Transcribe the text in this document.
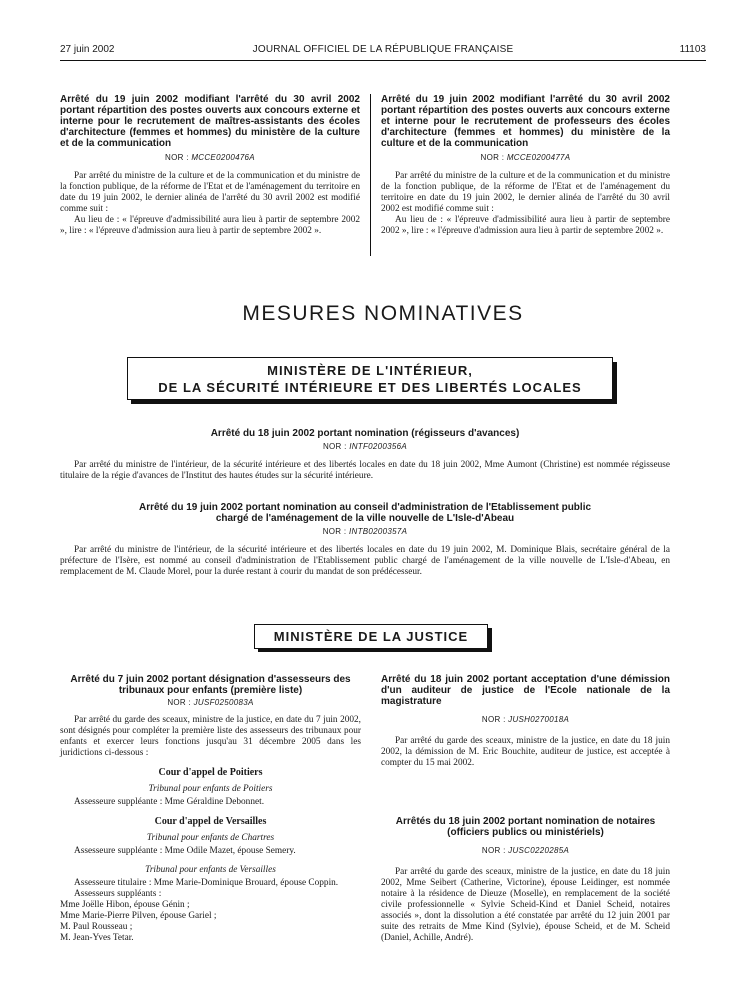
27 juin 2002	JOURNAL OFFICIEL DE LA RÉPUBLIQUE FRANÇAISE	11103

Arrêté du 19 juin 2002 modifiant l'arrêté du 30 avril 2002 portant répartition des postes ouverts aux concours externe et interne pour le recrutement de maîtres-assistants des écoles d'architecture (femmes et hommes) du ministère de la culture et de la communication

NOR : MCCE0200476A

Par arrêté du ministre de la culture et de la communication et du ministre de la fonction publique, de la réforme de l'Etat et de l'aménagement du territoire en date du 19 juin 2002, le dernier alinéa de l'arrêté du 30 avril 2002 est modifié comme suit :

Au lieu de : « l'épreuve d'admissibilité aura lieu à partir de septembre 2002 », lire : « l'épreuve d'admission aura lieu à partir de septembre 2002 ».

Arrêté du 19 juin 2002 modifiant l'arrêté du 30 avril 2002 portant répartition des postes ouverts aux concours externe et interne pour le recrutement de professeurs des écoles d'architecture (femmes et hommes) du ministère de la culture et de la communication

NOR : MCCE0200477A

Par arrêté du ministre de la culture et de la communication et du ministre de la fonction publique, de la réforme de l'Etat et de l'aménagement du territoire en date du 19 juin 2002, le dernier alinéa de l'arrêté du 30 avril 2002 est modifié comme suit :

Au lieu de : « l'épreuve d'admissibilité aura lieu à partir de septembre 2002 », lire : « l'épreuve d'admission aura lieu à partir de septembre 2002 ».

MESURES NOMINATIVES
MINISTÈRE DE L'INTÉRIEUR,
DE LA SÉCURITÉ INTÉRIEURE ET DES LIBERTÉS LOCALES

Arrêté du 18 juin 2002 portant nomination (régisseurs d'avances)

NOR : INTF0200356A

Par arrêté du ministre de l'intérieur, de la sécurité intérieure et des libertés locales en date du 18 juin 2002, Mme Aumont (Christine) est nommée régisseuse titulaire de la régie d'avances de l'Institut des hautes études sur la sécurité intérieure.

Arrêté du 19 juin 2002 portant nomination au conseil d'administration de l'Etablissement public

chargé de l'aménagement de la ville nouvelle de L'Isle-d'Abeau

NOR : INTB0200357A

Par arrêté du ministre de l'intérieur, de la sécurité intérieure et des libertés locales en date du 19 juin 2002, M. Dominique Blais, secrétaire général de la préfecture de l'Isère, est nommé au conseil d'administration de l'Etablissement public chargé de l'aménagement de la ville nouvelle de L'Isle-d'Abeau, en remplacement de M. Claude Morel, pour la durée restant à courir du mandat de son prédécesseur.

MINISTÈRE DE LA JUSTICE

Arrêté du 7 juin 2002 portant désignation d'assesseurs des tribunaux pour enfants (première liste)

NOR : JUSF0250083A

Par arrêté du garde des sceaux, ministre de la justice, en date du 7 juin 2002, sont désignés pour compléter la première liste des assesseurs des tribunaux pour enfants et exercer leurs fonctions jusqu'au 31 décembre 2005 dans les juridictions ci-dessous :

Cour d'appel de Poitiers
Tribunal pour enfants de Poitiers

Assesseure suppléante : Mme Géraldine Debonnet.

Cour d'appel de Versailles
Tribunal pour enfants de Chartres

Assesseure suppléante : Mme Odile Mazet, épouse Semery.

Tribunal pour enfants de Versailles

Assesseure titulaire : Mme Marie-Dominique Brouard, épouse Coppin.

Assesseurs suppléants :

Mme Joëlle Hibon, épouse Génin ;

Mme Marie-Pierre Pilven, épouse Gariel ;

M. Paul Rousseau ;

M. Jean-Yves Tetar.

Arrêté du 18 juin 2002 portant acceptation d'une démission d'un auditeur de justice de l'Ecole nationale de la magistrature

NOR : JUSH0270018A

Par arrêté du garde des sceaux, ministre de la justice, en date du 18 juin 2002, la démission de M. Eric Bouchite, auditeur de justice, est acceptée à compter du 15 mai 2002.

Arrêtés du 18 juin 2002 portant nomination de notaires (officiers publics ou ministériels)

NOR : JUSC0220285A

Par arrêté du garde des sceaux, ministre de la justice, en date du 18 juin 2002, Mme Seibert (Catherine, Victorine), épouse Leidinger, est nommée notaire à la résidence de Dieuze (Moselle), en remplacement de la société civile professionnelle « Sylvie Scheid-Kind et Daniel Scheid, notaires associés », dont la dissolution a été constatée par arrêté du 12 juin 2001 par suite des retraits de Mme Kind (Sylvie), épouse Scheid, et de M. Scheid (Daniel, Achille, André).
